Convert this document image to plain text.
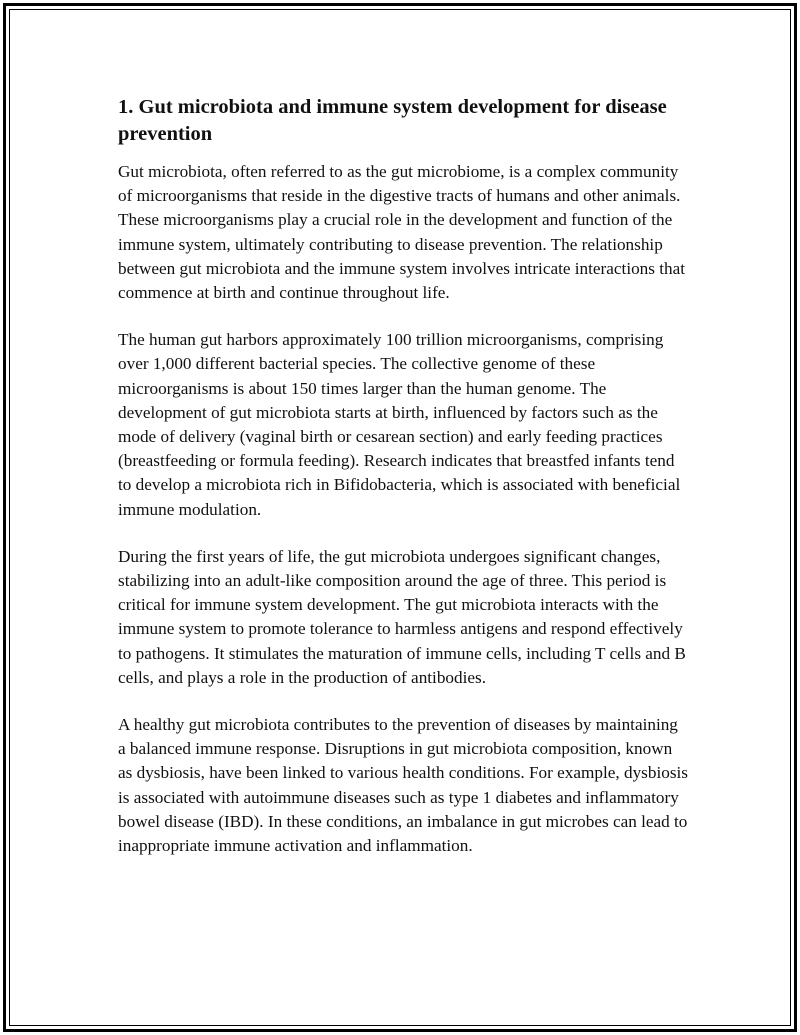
1. Gut microbiota and immune system development for disease prevention

Gut microbiota, often referred to as the gut microbiome, is a complex community of microorganisms that reside in the digestive tracts of humans and other animals. These microorganisms play a crucial role in the development and function of the immune system, ultimately contributing to disease prevention. The relationship between gut microbiota and the immune system involves intricate interactions that commence at birth and continue throughout life.

The human gut harbors approximately 100 trillion microorganisms, comprising over 1,000 different bacterial species. The collective genome of these microorganisms is about 150 times larger than the human genome. The development of gut microbiota starts at birth, influenced by factors such as the mode of delivery (vaginal birth or cesarean section) and early feeding practices (breastfeeding or formula feeding). Research indicates that breastfed infants tend to develop a microbiota rich in Bifidobacteria, which is associated with beneficial immune modulation.

During the first years of life, the gut microbiota undergoes significant changes, stabilizing into an adult-like composition around the age of three. This period is critical for immune system development. The gut microbiota interacts with the immune system to promote tolerance to harmless antigens and respond effectively to pathogens. It stimulates the maturation of immune cells, including T cells and B cells, and plays a role in the production of antibodies.

A healthy gut microbiota contributes to the prevention of diseases by maintaining a balanced immune response. Disruptions in gut microbiota composition, known as dysbiosis, have been linked to various health conditions. For example, dysbiosis is associated with autoimmune diseases such as type 1 diabetes and inflammatory bowel disease (IBD). In these conditions, an imbalance in gut microbes can lead to inappropriate immune activation and inflammation.
